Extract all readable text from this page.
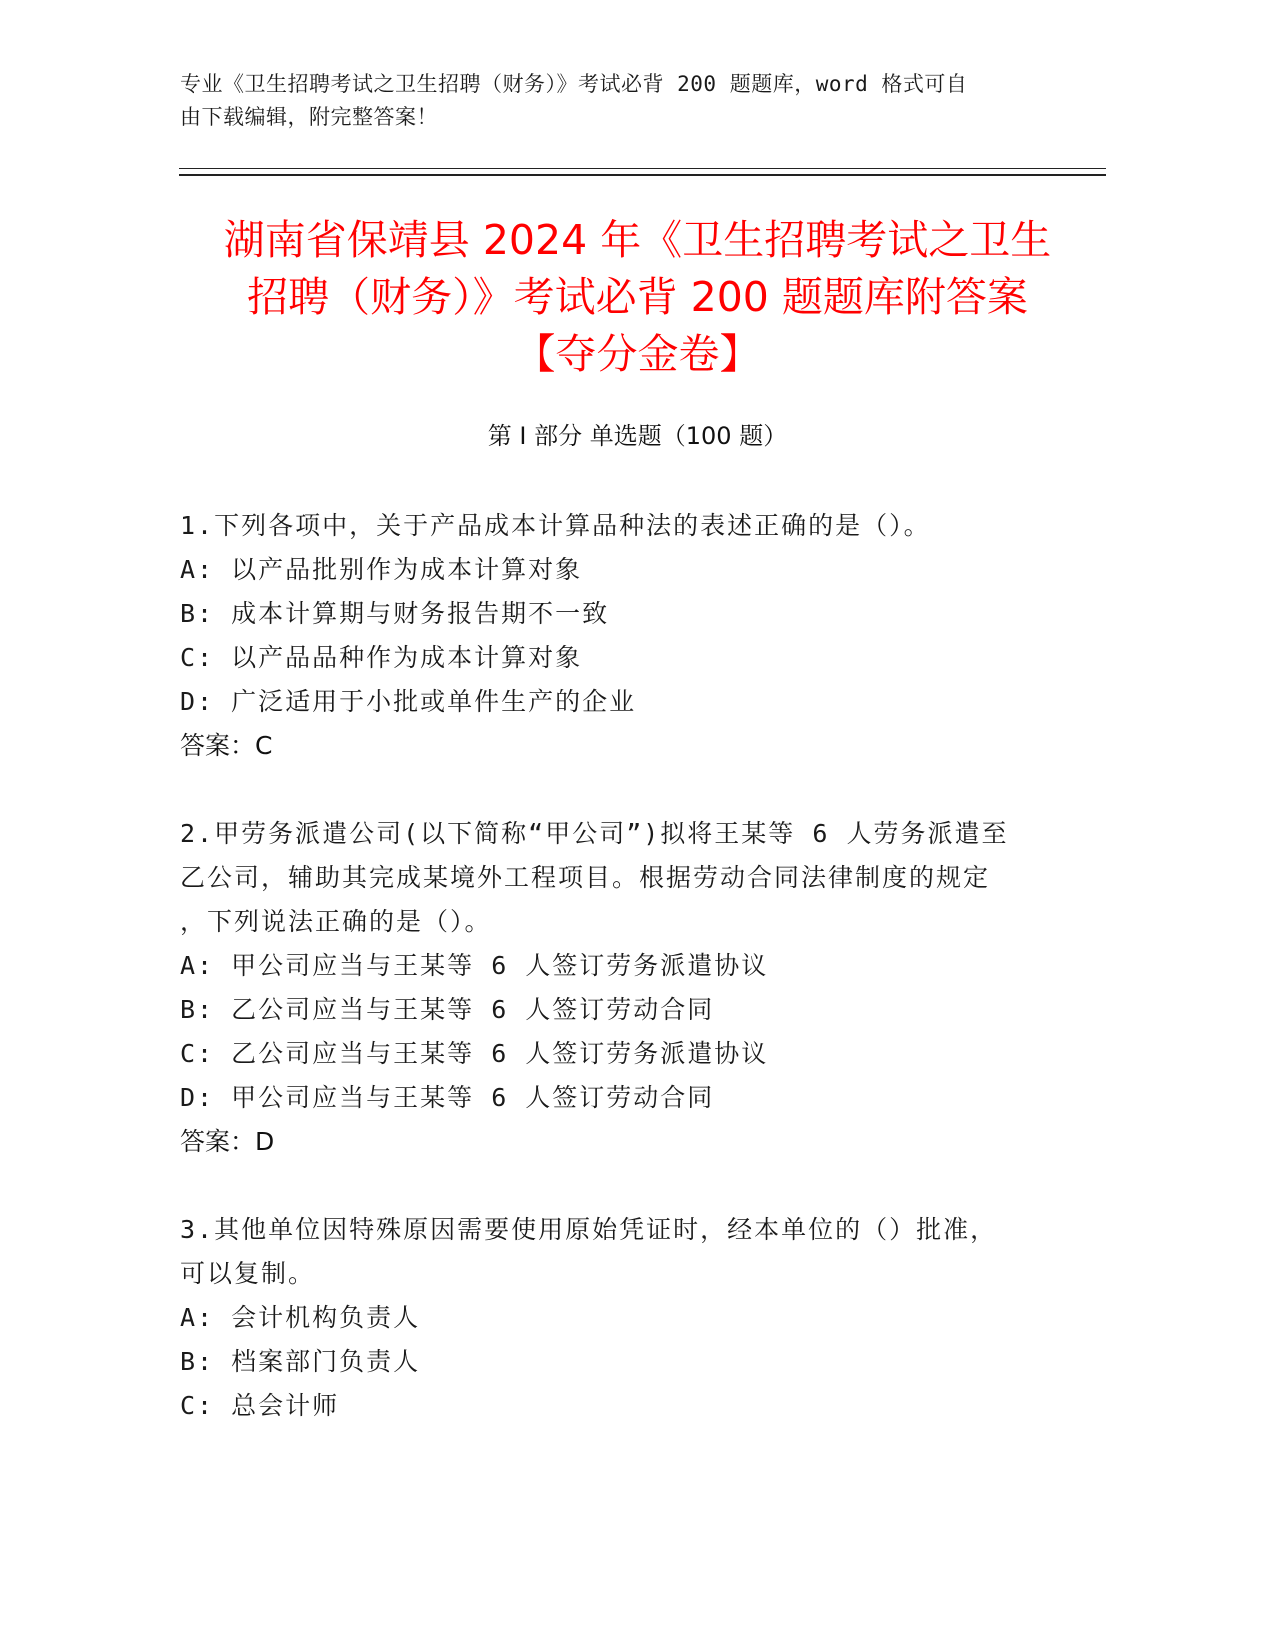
专业《卫生招聘考试之卫生招聘（财务）》考试必背 200 题题库，word 格式可自
由下载编辑，附完整答案！
湖南省保靖县 2024 年《卫生招聘考试之卫生
招聘（财务）》考试必背 200 题题库附答案
【夺分金卷】
第 I 部分 单选题（100 题）
1.下列各项中，关于产品成本计算品种法的表述正确的是（）。
A: 以产品批别作为成本计算对象
B: 成本计算期与财务报告期不一致
C: 以产品品种作为成本计算对象
D: 广泛适用于小批或单件生产的企业
答案：C
2.甲劳务派遣公司(以下简称“甲公司”)拟将王某等 6 人劳务派遣至
乙公司，辅助其完成某境外工程项目。根据劳动合同法律制度的规定
，下列说法正确的是（）。
A: 甲公司应当与王某等 6 人签订劳务派遣协议
B: 乙公司应当与王某等 6 人签订劳动合同
C: 乙公司应当与王某等 6 人签订劳务派遣协议
D: 甲公司应当与王某等 6 人签订劳动合同
答案：D
3.其他单位因特殊原因需要使用原始凭证时，经本单位的（）批准，
可以复制。
A: 会计机构负责人
B: 档案部门负责人
C: 总会计师
